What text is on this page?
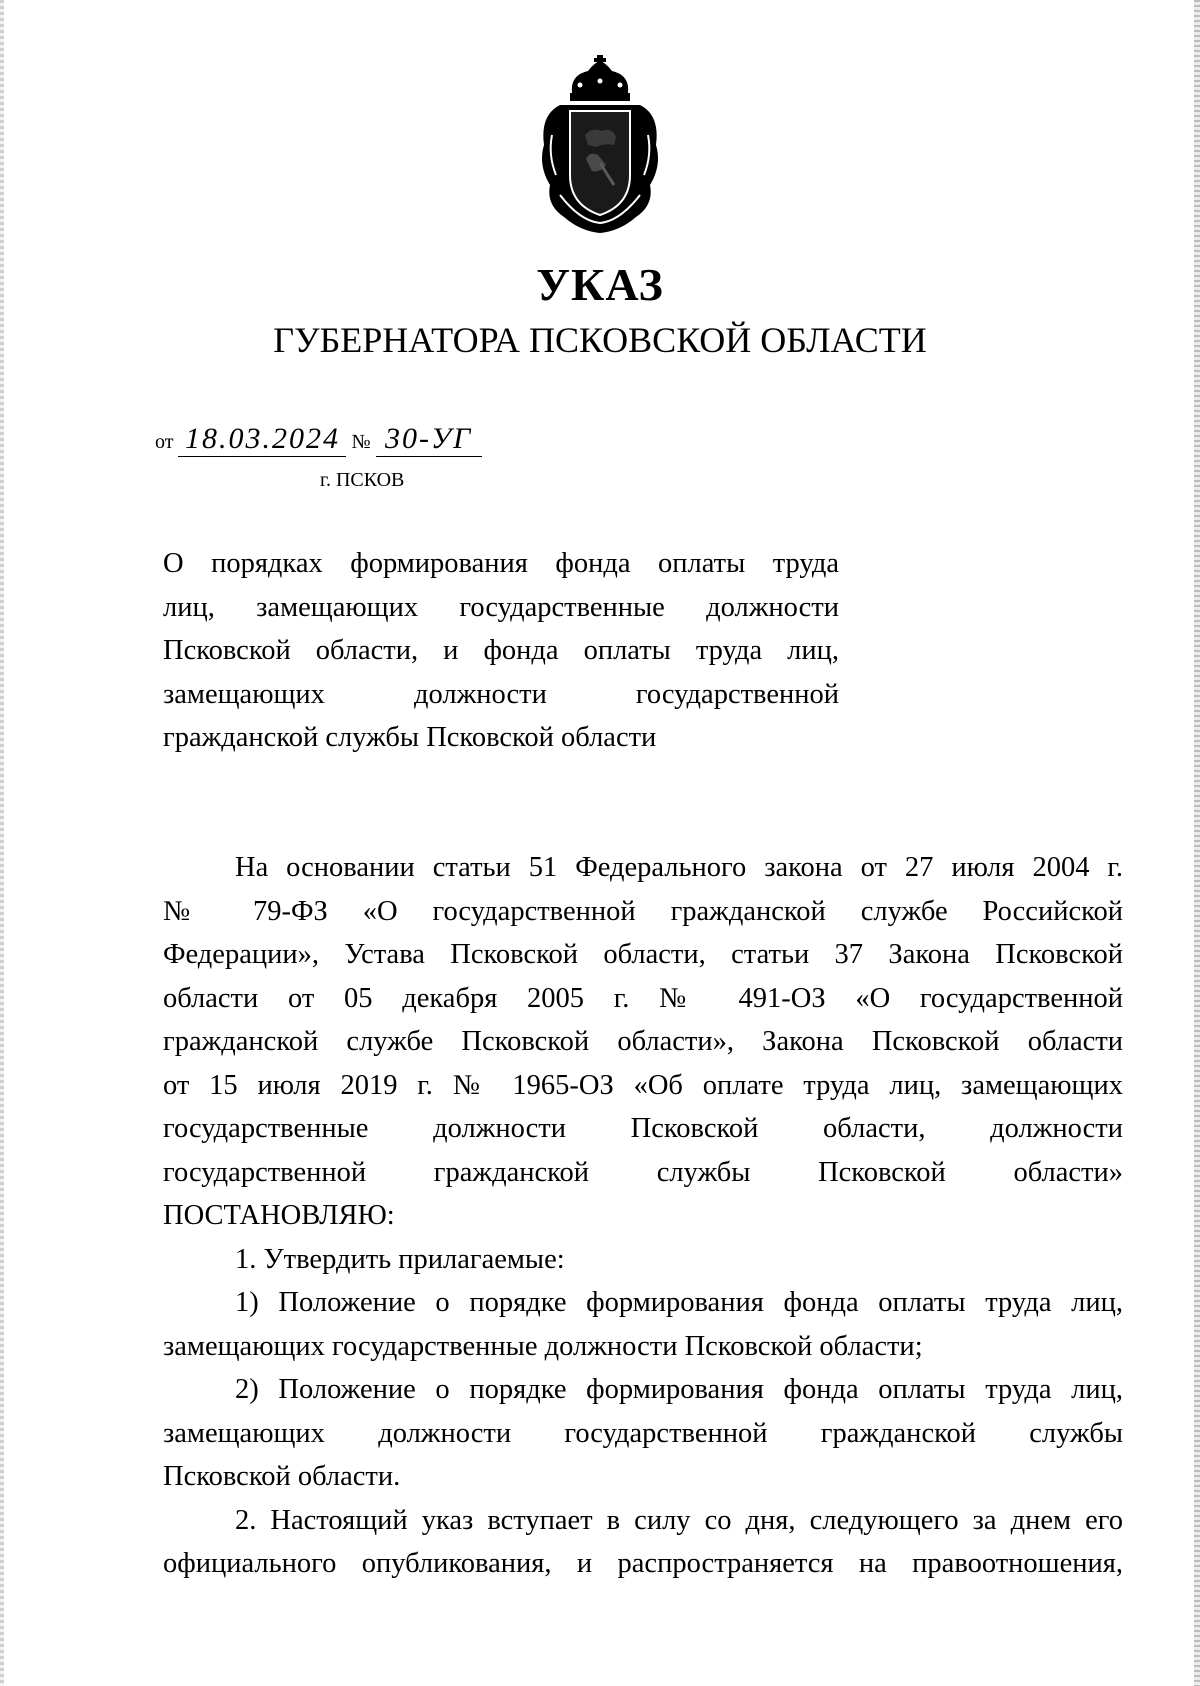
УКАЗ
ГУБЕРНАТОРА ПСКОВСКОЙ ОБЛАСТИ
от 18.03.2024 № 30-УГ
г. ПСКОВ
О порядках формирования фонда оплаты труда
лиц, замещающих государственные должности
Псковской области, и фонда оплаты труда лиц,
замещающих должности государственной
гражданской службы Псковской области
На основании статьи 51 Федерального закона от 27 июля 2004 г.
№ 79-ФЗ «О государственной гражданской службе Российской
Федерации», Устава Псковской области, статьи 37 Закона Псковской
области от 05 декабря 2005 г. № 491-ОЗ «О государственной
гражданской службе Псковской области», Закона Псковской области
от 15 июля 2019 г. № 1965-ОЗ «Об оплате труда лиц, замещающих
государственные должности Псковской области, должности
государственной гражданской службы Псковской области»
ПОСТАНОВЛЯЮ:
1. Утвердить прилагаемые:
1) Положение о порядке формирования фонда оплаты труда лиц,
замещающих государственные должности Псковской области;
2) Положение о порядке формирования фонда оплаты труда лиц,
замещающих должности государственной гражданской службы
Псковской области.
2. Настоящий указ вступает в силу со дня, следующего за днем его
официального опубликования, и распространяется на правоотношения,
